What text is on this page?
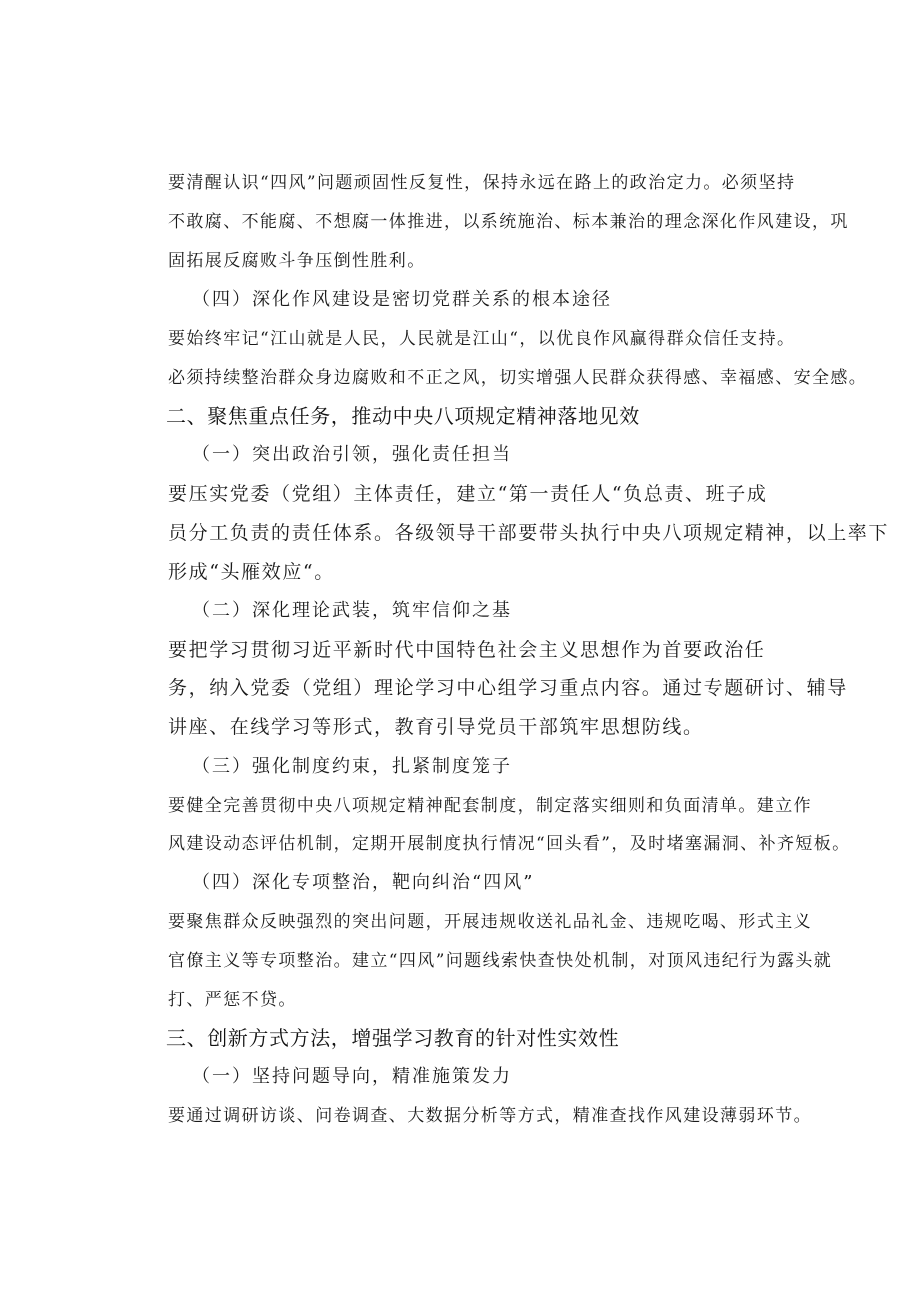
要清醒认识“四风”问题顽固性反复性，保持永远在路上的政治定力。必须坚持
不敢腐、不能腐、不想腐一体推进，以系统施治、标本兼治的理念深化作风建设，巩
固拓展反腐败斗争压倒性胜利。
（四）深化作风建设是密切党群关系的根本途径
要始终牢记“江山就是人民，人民就是江山“，以优良作风赢得群众信任支持。
必须持续整治群众身边腐败和不正之风，切实增强人民群众获得感、幸福感、安全感。
二、聚焦重点任务，推动中央八项规定精神落地见效
（一）突出政治引领，强化责任担当
要压实党委（党组）主体责任，建立“第一责任人“负总责、班子成
员分工负责的责任体系。各级领导干部要带头执行中央八项规定精神，以上率下
形成“头雁效应“。
（二）深化理论武装，筑牢信仰之基
要把学习贯彻习近平新时代中国特色社会主义思想作为首要政治任
务，纳入党委（党组）理论学习中心组学习重点内容。通过专题研讨、辅导
讲座、在线学习等形式，教育引导党员干部筑牢思想防线。
（三）强化制度约束，扎紧制度笼子
要健全完善贯彻中央八项规定精神配套制度，制定落实细则和负面清单。建立作
风建设动态评估机制，定期开展制度执行情况“回头看”，及时堵塞漏洞、补齐短板。
（四）深化专项整治，靶向纠治“四风”
要聚焦群众反映强烈的突出问题，开展违规收送礼品礼金、违规吃喝、形式主义
官僚主义等专项整治。建立“四风”问题线索快查快处机制，对顶风违纪行为露头就
打、严惩不贷。
三、创新方式方法，增强学习教育的针对性实效性
（一）坚持问题导向，精准施策发力
要通过调研访谈、问卷调查、大数据分析等方式，精准查找作风建设薄弱环节。
